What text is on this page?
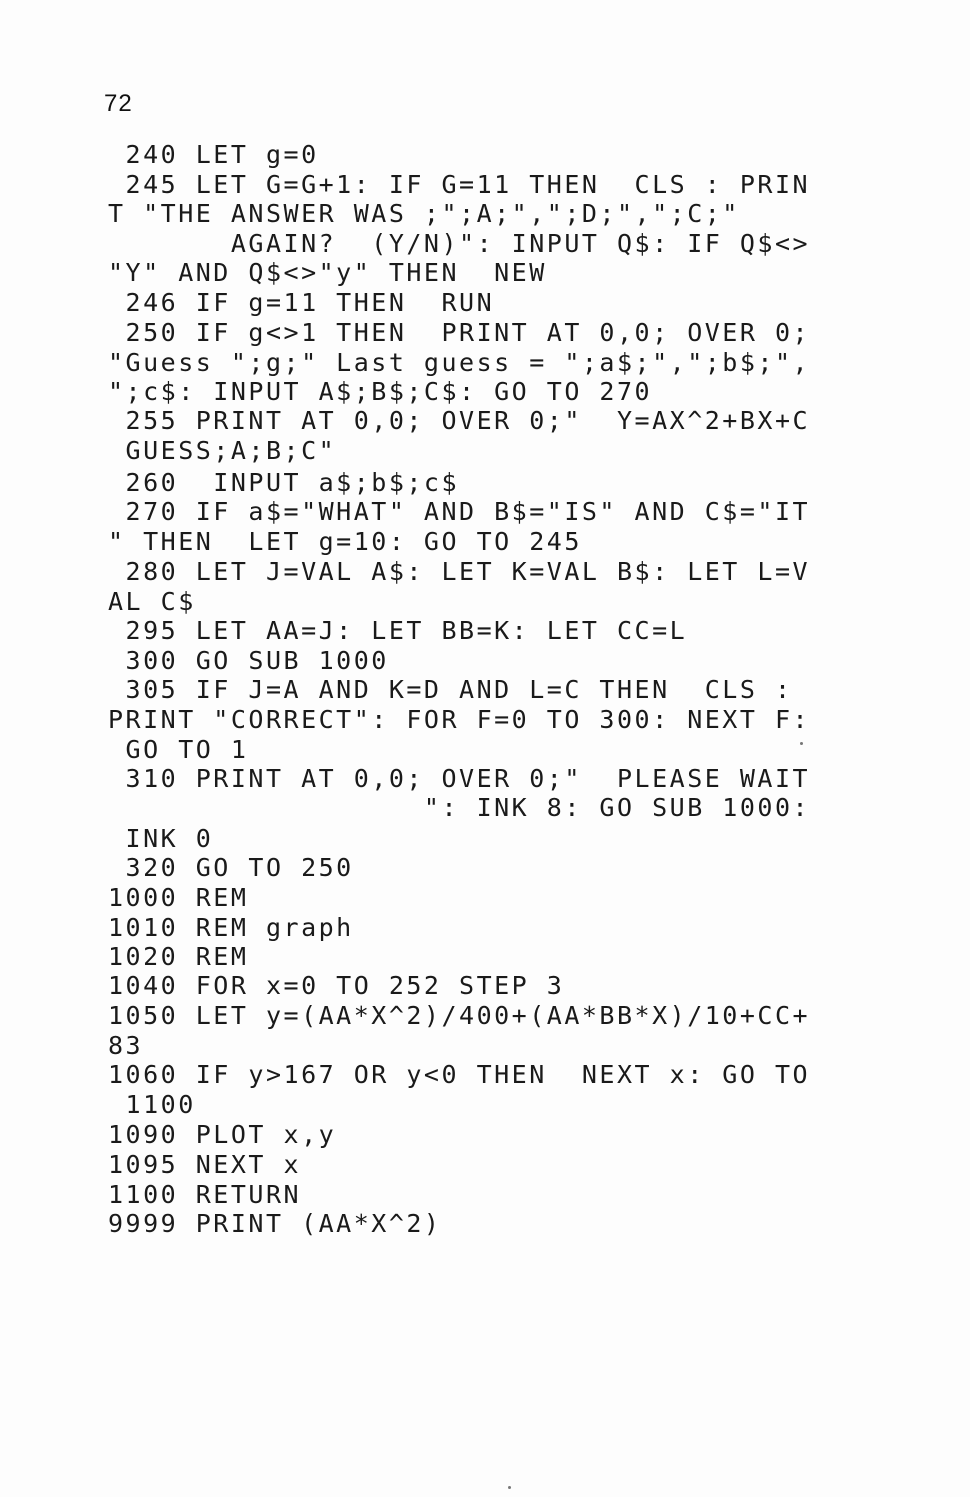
72
240 LET g=0
245 LET G=G+1: IF G=11 THEN  CLS : PRIN
T "THE ANSWER WAS ;";A;",";D;",";C;"
AGAIN?  (Y/N)": INPUT Q$: IF Q$<>
"Y" AND Q$<>"y" THEN  NEW
246 IF g=11 THEN  RUN
250 IF g<>1 THEN  PRINT AT 0,0; OVER 0;
"Guess ";g;" Last guess = ";a$;",";b$;",
";c$: INPUT A$;B$;C$: GO TO 270
255 PRINT AT 0,0; OVER 0;"  Y=AX^2+BX+C
GUESS;A;B;C"
260  INPUT a$;b$;c$
270 IF a$="WHAT" AND B$="IS" AND C$="IT
" THEN  LET g=10: GO TO 245
280 LET J=VAL A$: LET K=VAL B$: LET L=V
AL C$
295 LET AA=J: LET BB=K: LET CC=L
300 GO SUB 1000
305 IF J=A AND K=D AND L=C THEN  CLS :
PRINT "CORRECT": FOR F=0 TO 300: NEXT F:
GO TO 1
310 PRINT AT 0,0; OVER 0;"  PLEASE WAIT
": INK 8: GO SUB 1000:
INK 0
320 GO TO 250
1000 REM
1010 REM graph
1020 REM
1040 FOR x=0 TO 252 STEP 3
1050 LET y=(AA*X^2)/400+(AA*BB*X)/10+CC+
83
1060 IF y>167 OR y<0 THEN  NEXT x: GO TO
1100
1090 PLOT x,y
1095 NEXT x
1100 RETURN
9999 PRINT (AA*X^2)
